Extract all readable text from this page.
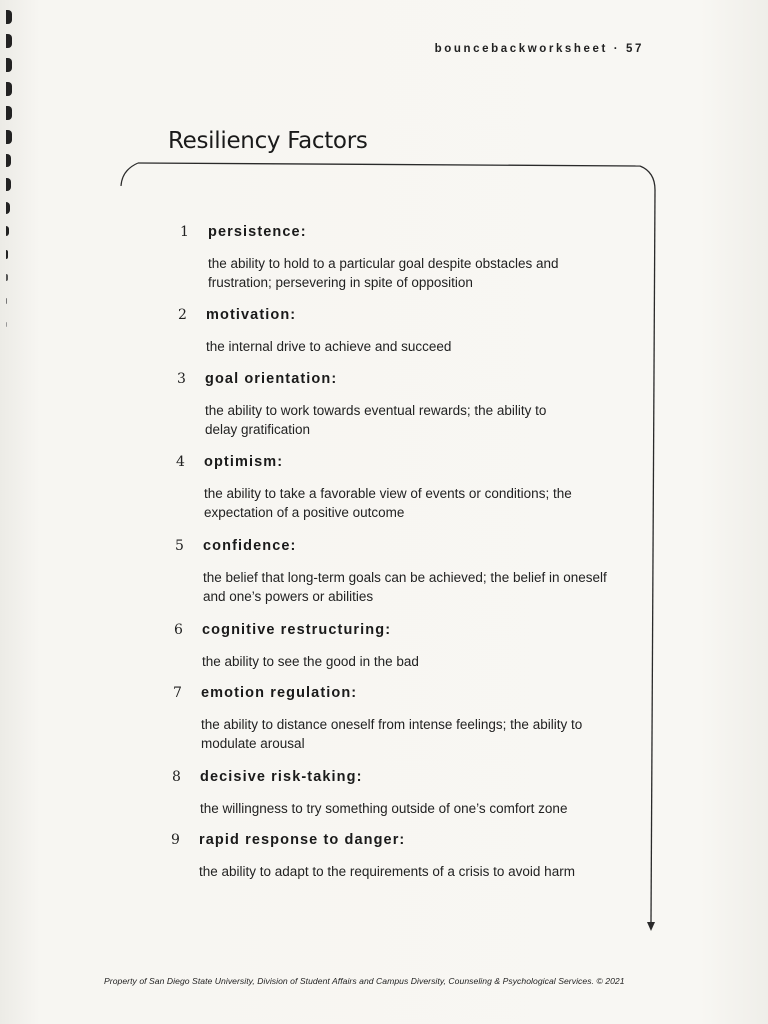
bouncebackworksheet · 57
Resiliency Factors
1 persistence:
the ability to hold to a particular goal despite obstacles and frustration; persevering in spite of opposition
2 motivation:
the internal drive to achieve and succeed
3 goal orientation:
the ability to work towards eventual rewards; the ability to delay gratification
4 optimism:
the ability to take a favorable view of events or conditions; the expectation of a positive outcome
5 confidence:
the belief that long-term goals can be achieved; the belief in oneself and one’s powers or abilities
6 cognitive restructuring:
the ability to see the good in the bad
7 emotion regulation:
the ability to distance oneself from intense feelings; the ability to modulate arousal
8 decisive risk-taking:
the willingness to try something outside of one’s comfort zone
9 rapid response to danger:
the ability to adapt to the requirements of a crisis to avoid harm
Property of San Diego State University, Division of Student Affairs and Campus Diversity, Counseling & Psychological Services. © 2021
